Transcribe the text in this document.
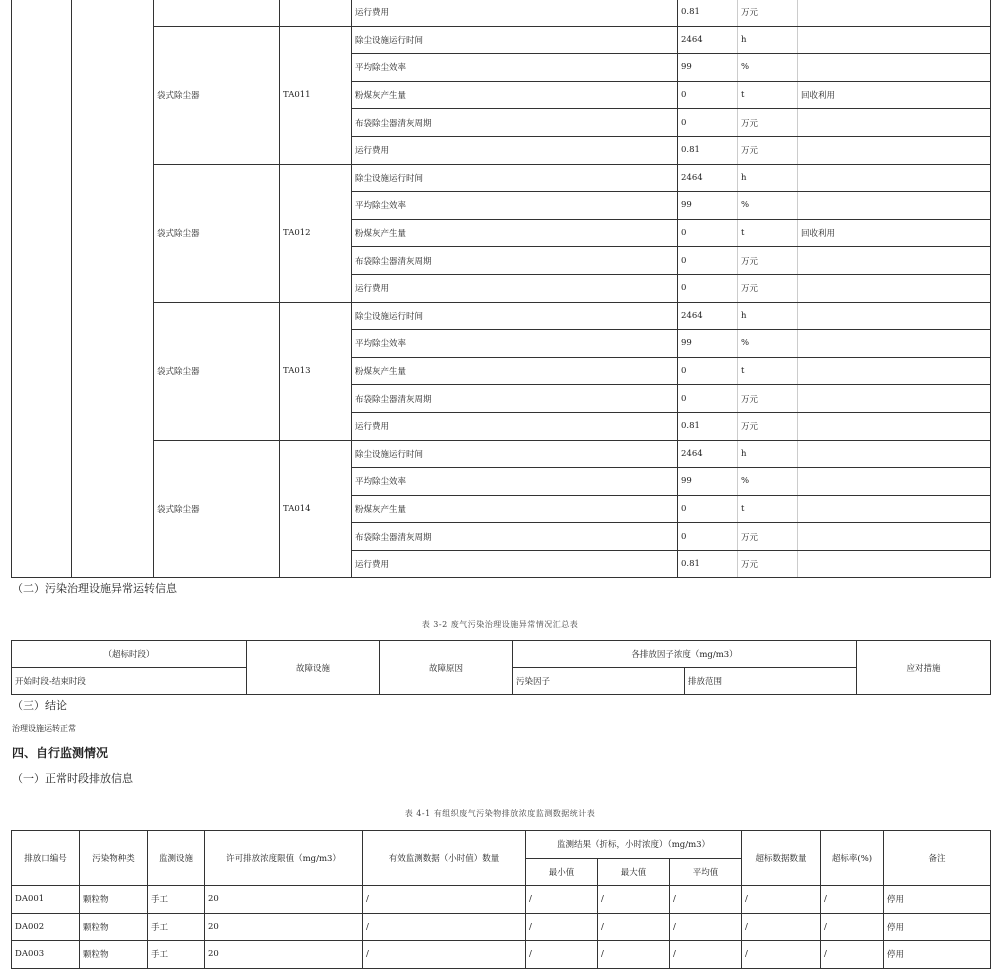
				运行费用	0.81	万元	
		袋式除尘器	TA011	除尘设施运行时间	2464	h	
				平均除尘效率	99	%	
				粉煤灰产生量	0	t	回收利用
				布袋除尘器清灰周期	0	万元	
				运行费用	0.81	万元	
		袋式除尘器	TA012	除尘设施运行时间	2464	h	
				平均除尘效率	99	%	
				粉煤灰产生量	0	t	回收利用
				布袋除尘器清灰周期	0	万元	
				运行费用	0	万元	
		袋式除尘器	TA013	除尘设施运行时间	2464	h	
				平均除尘效率	99	%	
				粉煤灰产生量	0	t	
				布袋除尘器清灰周期	0	万元	
				运行费用	0.81	万元	
		袋式除尘器	TA014	除尘设施运行时间	2464	h	
				平均除尘效率	99	%	
				粉煤灰产生量	0	t	
				布袋除尘器清灰周期	0	万元	
				运行费用	0.81	万元	
（二）污染治理设施异常运转信息
表 3-2 废气污染治理设施异常情况汇总表
（超标时段）	故障设施	故障原因	各排放因子浓度（mg/m3）		应对措施
开始时段-结束时段			污染因子	排放范围	
（三）结论
治理设施运转正常
四、自行监测情况
（一）正常时段排放信息
表 4-1 有组织废气污染物排放浓度监测数据统计表
排放口编号	污染物种类	监测设施	许可排放浓度限值（mg/m3）	有效监测数据（小时值）数量	监测结果（折标，小时浓度）（mg/m3）			超标数据数量	超标率(%)	备注
					最小值	最大值	平均值			
DA001	颗粒物	手工	20	/	/	/	/	/	/	停用
DA002	颗粒物	手工	20	/	/	/	/	/	/	停用
DA003	颗粒物	手工	20	/	/	/	/	/	/	停用
